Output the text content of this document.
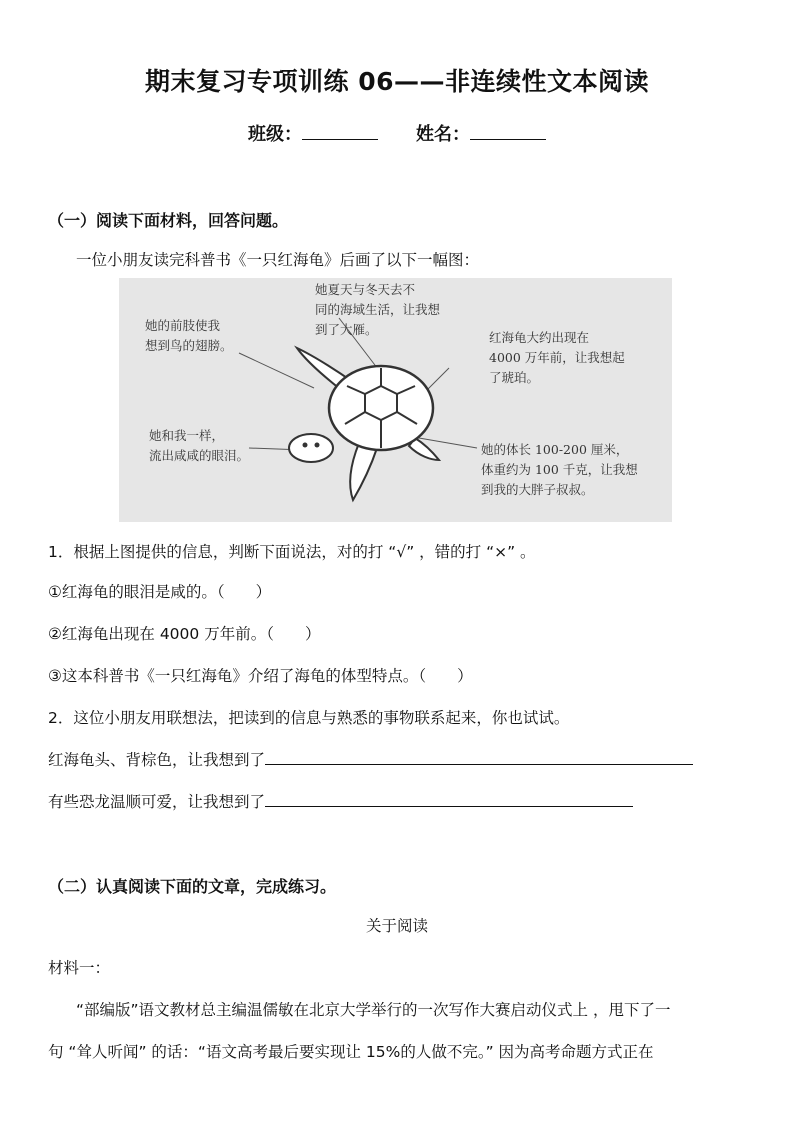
期末复习专项训练 06——非连续性文本阅读
班级：	姓名：
（一）阅读下面材料，回答问题。
一位小朋友读完科普书《一只红海龟》后画了以下一幅图：
她的前肢使我
想到鸟的翅膀。
她夏天与冬天去不
同的海域生活，让我想
到了大雁。
红海龟大约出现在
4000 万年前，让我想起
了琥珀。
她和我一样，
流出咸咸的眼泪。	她的体长 100-200 厘米，
体重约为 100 千克，让我想
到我的大胖子叔叔。
1．根据上图提供的信息，判断下面说法，对的打 “√” ，错的打 “×” 。
①红海龟的眼泪是咸的。（　　）
②红海龟出现在 4000 万年前。（　　）
③这本科普书《一只红海龟》介绍了海龟的体型特点。（　　）
2．这位小朋友用联想法，把读到的信息与熟悉的事物联系起来，你也试试。
红海龟头、背棕色，让我想到了
有些恐龙温顺可爱，让我想到了
（二）认真阅读下面的文章，完成练习。
关于阅读
材料一：
“部编版”语文教材总主编温儒敏在北京大学举行的一次写作大赛启动仪式上 ，甩下了一
句 “耸人听闻” 的话：“语文高考最后要实现让 15%的人做不完。” 因为高考命题方式正在
